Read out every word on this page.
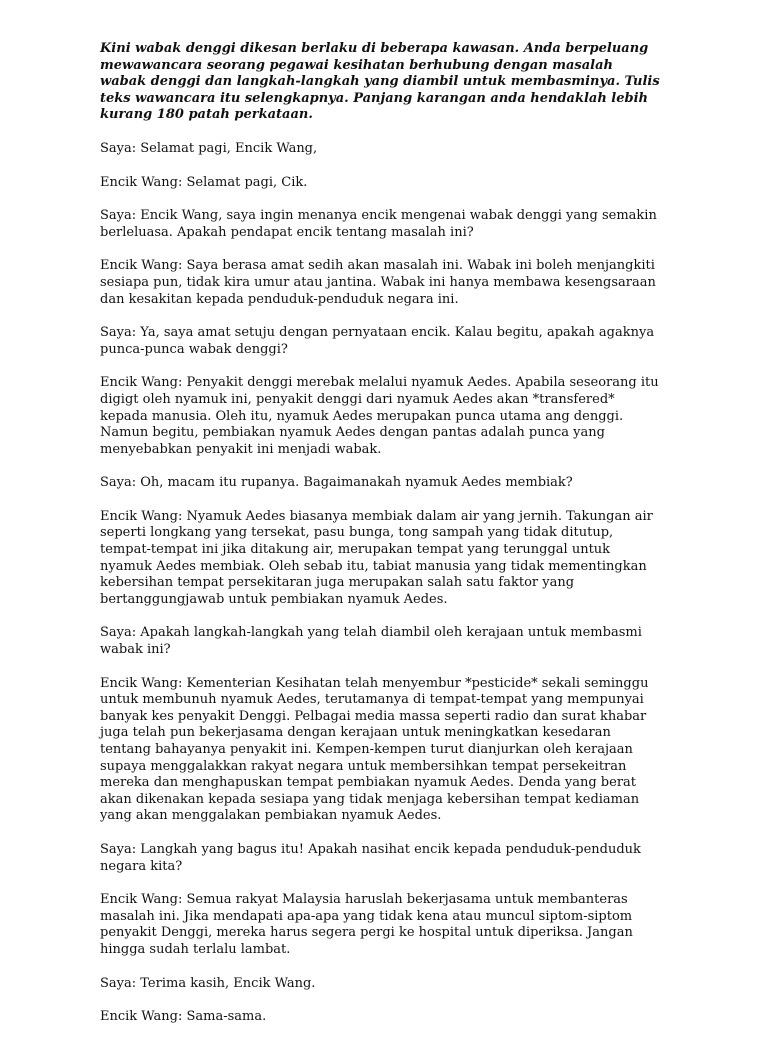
Kini wabak denggi dikesan berlaku di beberapa kawasan. Anda berpeluang mewawancara seorang pegawai kesihatan berhubung dengan masalah wabak denggi dan langkah-langkah yang diambil untuk membasminya. Tulis teks wawancara itu selengkapnya. Panjang karangan anda hendaklah lebih kurang 180 patah perkataan.

Saya: Selamat pagi, Encik Wang,

Encik Wang: Selamat pagi, Cik.

Saya: Encik Wang, saya ingin menanya encik mengenai wabak denggi yang semakin berleluasa. Apakah pendapat encik tentang masalah ini?

Encik Wang: Saya berasa amat sedih akan masalah ini. Wabak ini boleh menjangkiti sesiapa pun, tidak kira umur atau jantina. Wabak ini hanya membawa kesengsaraan dan kesakitan kepada penduduk-penduduk negara ini.

Saya: Ya, saya amat setuju dengan pernyataan encik. Kalau begitu, apakah agaknya punca-punca wabak denggi?

Encik Wang: Penyakit denggi merebak melalui nyamuk Aedes. Apabila seseorang itu digigt oleh nyamuk ini, penyakit denggi dari nyamuk Aedes akan *transfered* kepada manusia. Oleh itu, nyamuk Aedes merupakan punca utama ang denggi. Namun begitu, pembiakan nyamuk Aedes dengan pantas adalah punca yang menyebabkan penyakit ini menjadi wabak.

Saya: Oh, macam itu rupanya. Bagaimanakah nyamuk Aedes membiak?

Encik Wang: Nyamuk Aedes biasanya membiak dalam air yang jernih. Takungan air seperti longkang yang tersekat, pasu bunga, tong sampah yang tidak ditutup, tempat-tempat ini jika ditakung air, merupakan tempat yang terunggal untuk nyamuk Aedes membiak. Oleh sebab itu, tabiat manusia yang tidak mementingkan kebersihan tempat persekitaran juga merupakan salah satu faktor yang bertanggungjawab untuk pembiakan nyamuk Aedes.

Saya: Apakah langkah-langkah yang telah diambil oleh kerajaan untuk membasmi wabak ini?

Encik Wang: Kementerian Kesihatan telah menyembur *pesticide* sekali seminggu untuk membunuh nyamuk Aedes, terutamanya di tempat-tempat yang mempunyai banyak kes penyakit Denggi. Pelbagai media massa seperti radio dan surat khabar juga telah pun bekerjasama dengan kerajaan untuk meningkatkan kesedaran tentang bahayanya penyakit ini. Kempen-kempen turut dianjurkan oleh kerajaan supaya menggalakkan rakyat negara untuk membersihkan tempat persekeitran mereka dan menghapuskan tempat pembiakan nyamuk Aedes. Denda yang berat akan dikenakan kepada sesiapa yang tidak menjaga kebersihan tempat kediaman yang akan menggalakan pembiakan nyamuk Aedes.

Saya: Langkah yang bagus itu! Apakah nasihat encik kepada penduduk-penduduk negara kita?

Encik Wang: Semua rakyat Malaysia haruslah bekerjasama untuk membanteras masalah ini. Jika mendapati apa-apa yang tidak kena atau muncul siptom-siptom penyakit Denggi, mereka harus segera pergi ke hospital untuk diperiksa. Jangan hingga sudah terlalu lambat.

Saya: Terima kasih, Encik Wang.

Encik Wang: Sama-sama.
